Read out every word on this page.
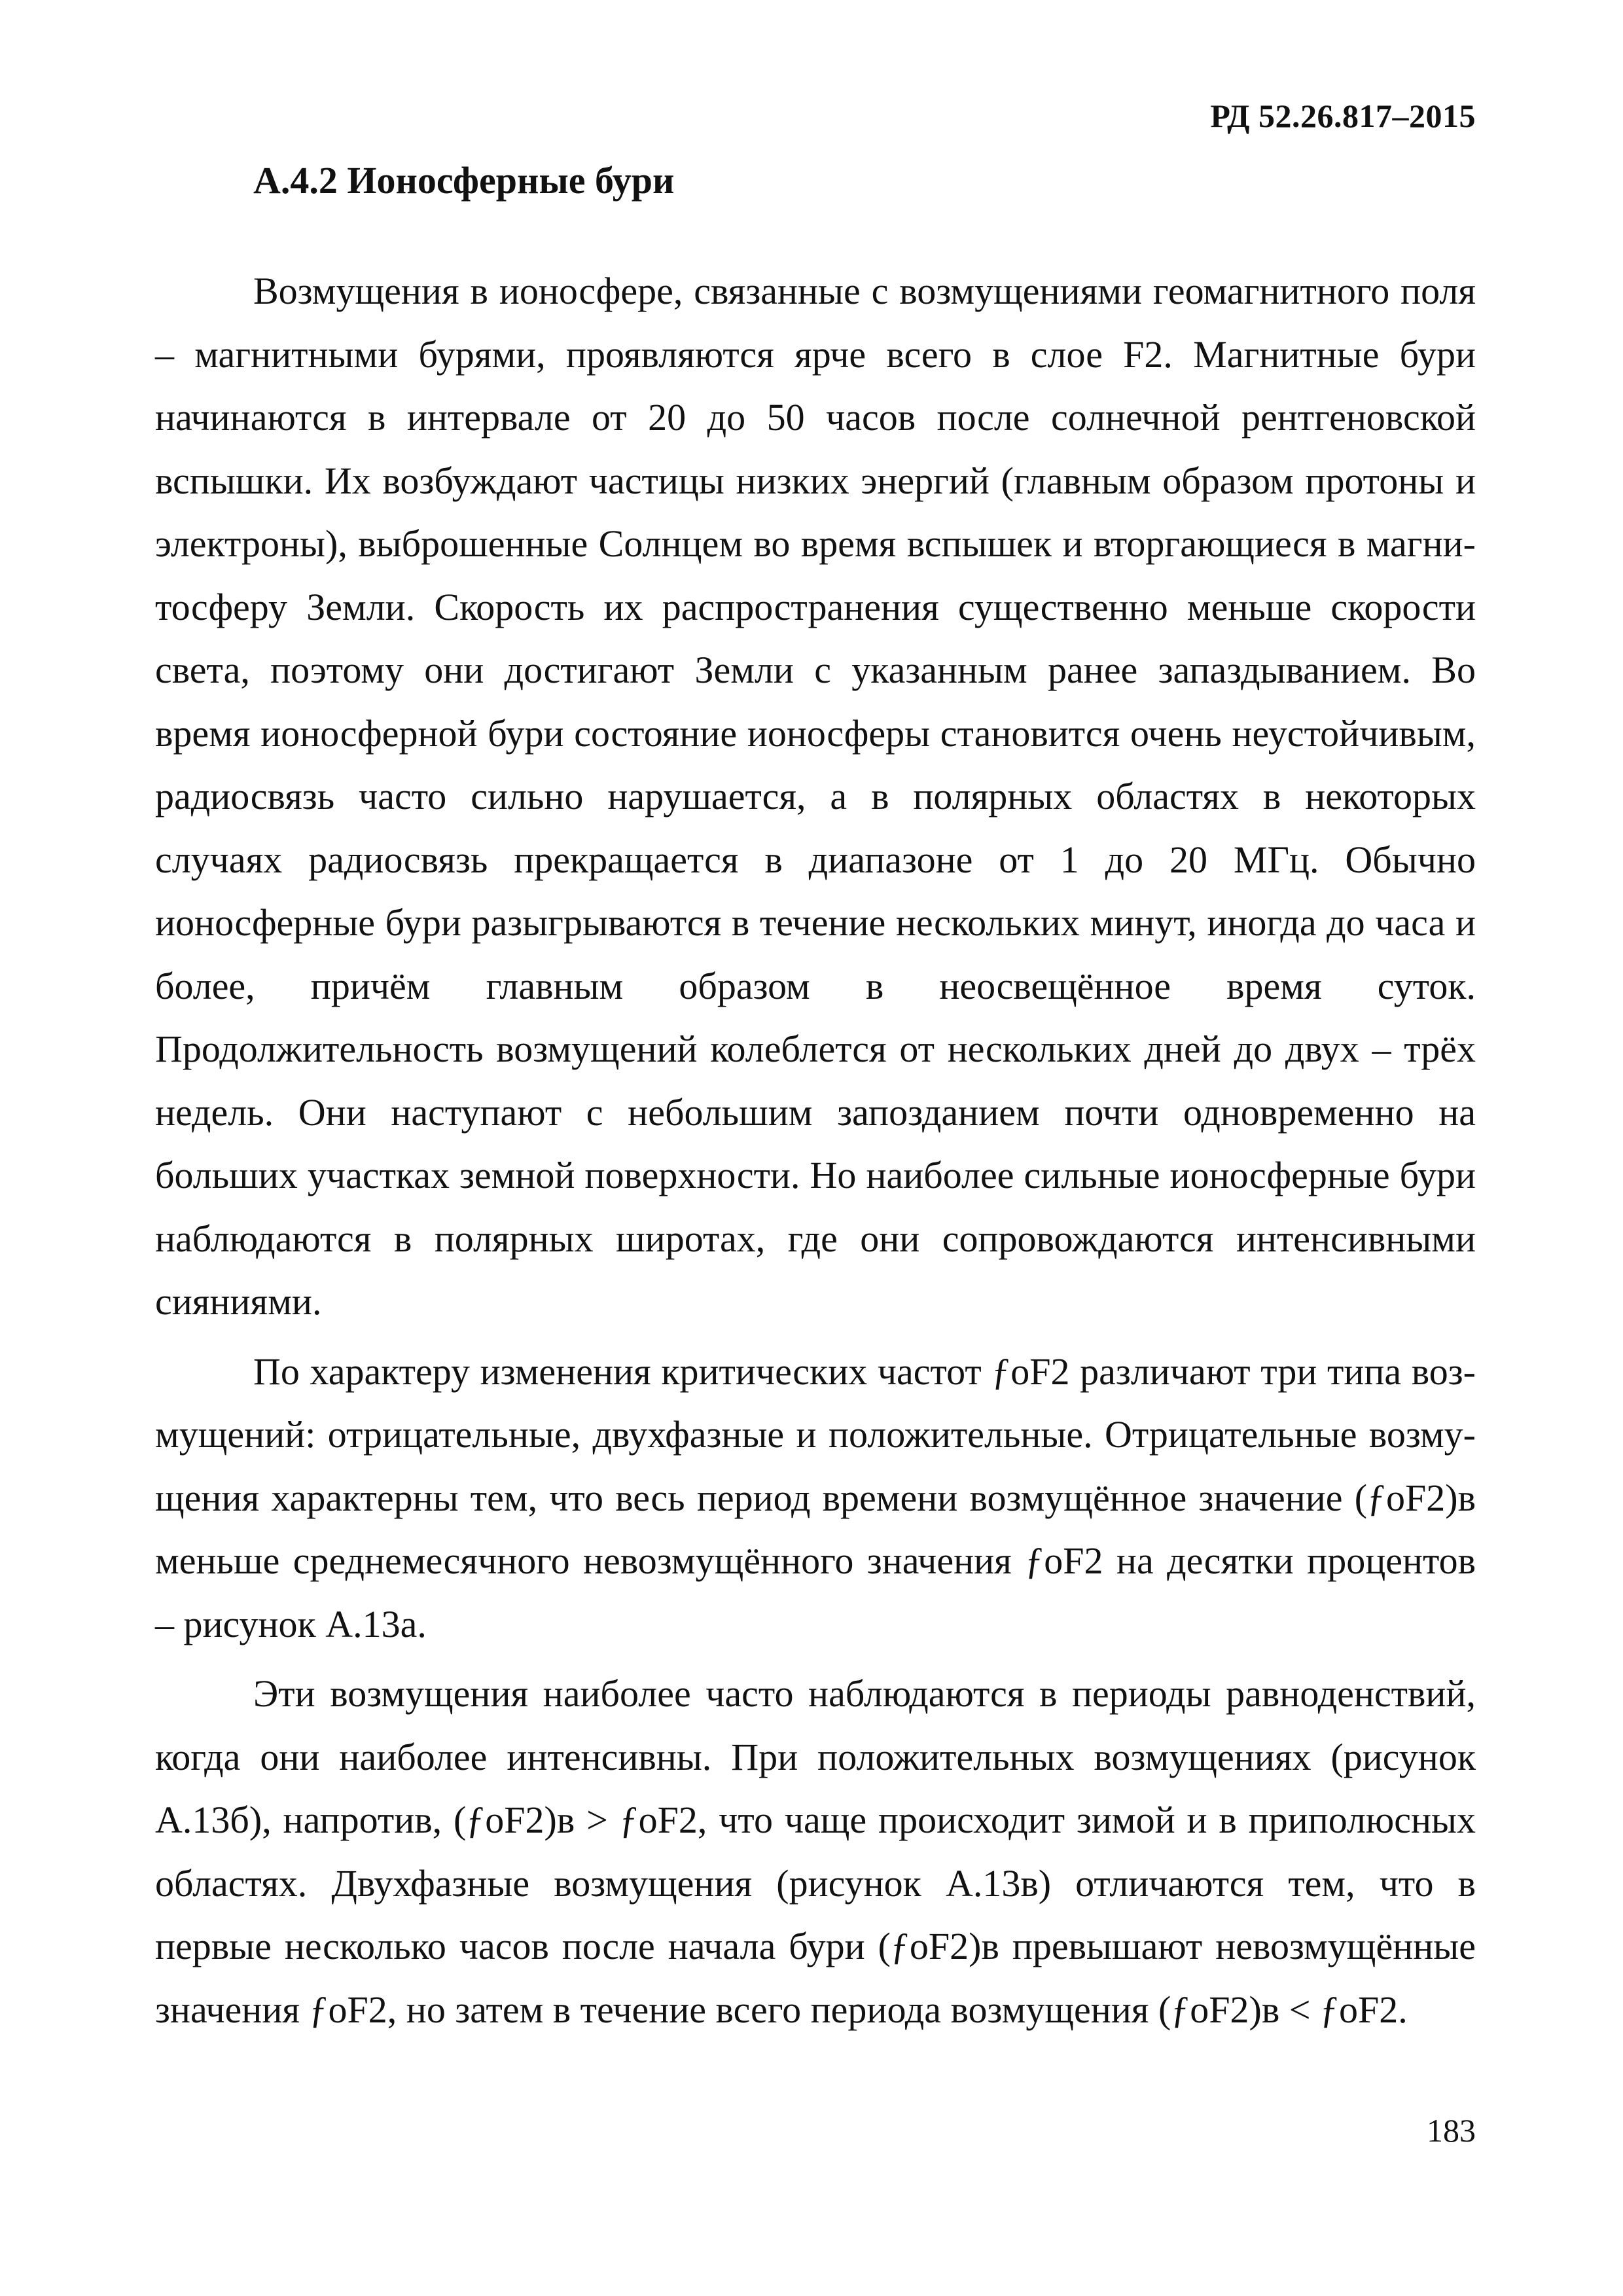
РД 52.26.817–2015
А.4.2 Ионосферные бури

Возмущения в ионосфере, связанные с возмущениями геомагнитного поля – магнитными бурями, проявляются ярче всего в слое F2. Магнитные бури начинаются в интервале от 20 до 50 часов после солнечной рентгеновской вспышки. Их возбуждают частицы низких энергий (главным образом протоны и электроны), выброшенные Солнцем во время вспышек и вторгающиеся в магнитосферу Земли. Скорость их распространения существенно меньше скорости света, поэтому они достигают Земли с указанным ранее запаздыванием. Во время ионосферной бури состояние ионосферы становится очень неустойчивым, радиосвязь часто сильно нарушается, а в полярных областях в некоторых случаях радиосвязь прекращается в диапазоне от 1 до 20 МГц. Обычно ионосферные бури разыгрываются в течение нескольких минут, иногда до часа и более, причём главным образом в неосвещённое время суток. Продолжительность возмущений колеблется от нескольких дней до двух – трёх недель. Они наступают с небольшим запозданием почти одновременно на больших участках земной поверхности. Но наиболее сильные ионосферные бури наблюдаются в полярных широтах, где они сопровождаются интенсивными сияниями.

По характеру изменения критических частот ƒoF2 различают три типа возмущений: отрицательные, двухфазные и положительные. Отрицательные возмущения характерны тем, что весь период времени возмущённое значение (ƒoF2)в меньше среднемесячного невозмущённого значения ƒoF2 на десятки процентов – рисунок А.13а.

Эти возмущения наиболее часто наблюдаются в периоды равноденствий, когда они наиболее интенсивны. При положительных возмущениях (рисунок А.13б), напротив, (ƒoF2)в > ƒoF2, что чаще происходит зимой и в приполюсных областях. Двухфазные возмущения (рисунок А.13в) отличаются тем, что в первые несколько часов после начала бури (ƒoF2)в превышают невозмущённые значения ƒoF2, но затем в течение всего периода возмущения (ƒoF2)в < ƒoF2.

183
